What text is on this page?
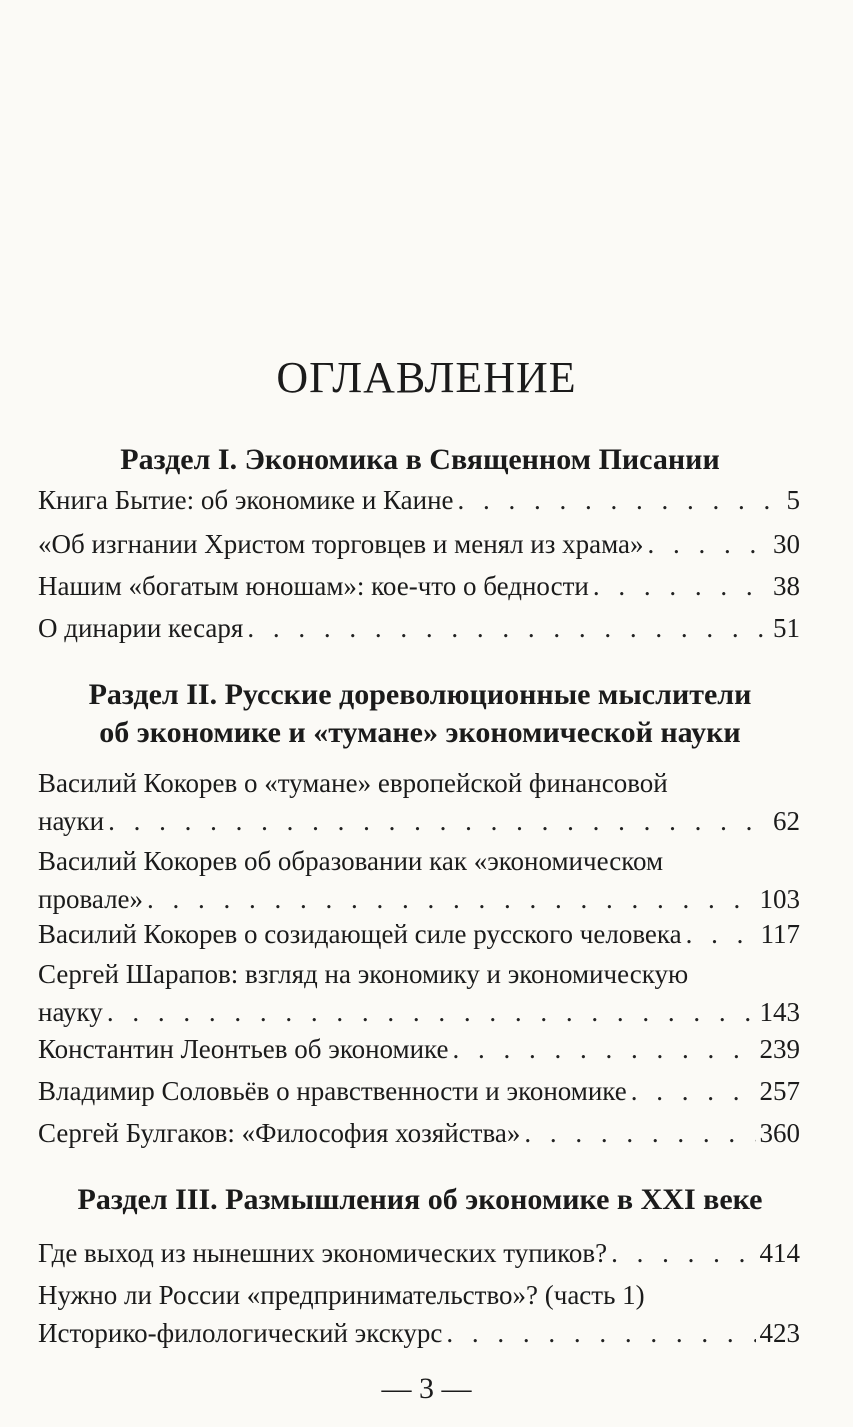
ОГЛАВЛЕНИЕ
Раздел I. Экономика в Священном Писании
Книга Бытие: об экономике и Каине . . .	5
«Об изгнании Христом торговцев и менял из храма» . . .	30
Нашим «богатым юношам»: кое-что о бедности . . .	38
О динарии кесаря . . .	51
Раздел II. Русские дореволюционные мыслители
об экономике и «тумане» экономической науки
Василий Кокорев о «тумане» европейской финансовой
науки . . .	62
Василий Кокорев об образовании как «экономическом
провале» . . .	103
Василий Кокорев о созидающей силе русского человека . . .	117
Сергей Шарапов: взгляд на экономику и экономическую
науку . . .	143
Константин Леонтьев об экономике . . .	239
Владимир Соловьёв о нравственности и экономике . . .	257
Сергей Булгаков: «Философия хозяйства» . . .	360
Раздел III. Размышления об экономике в XXI веке
Где выход из нынешних экономических тупиков? . . .	414
Нужно ли России «предпринимательство»? (часть 1)
Историко-филологический экскурс . . .	423
— 3 —
